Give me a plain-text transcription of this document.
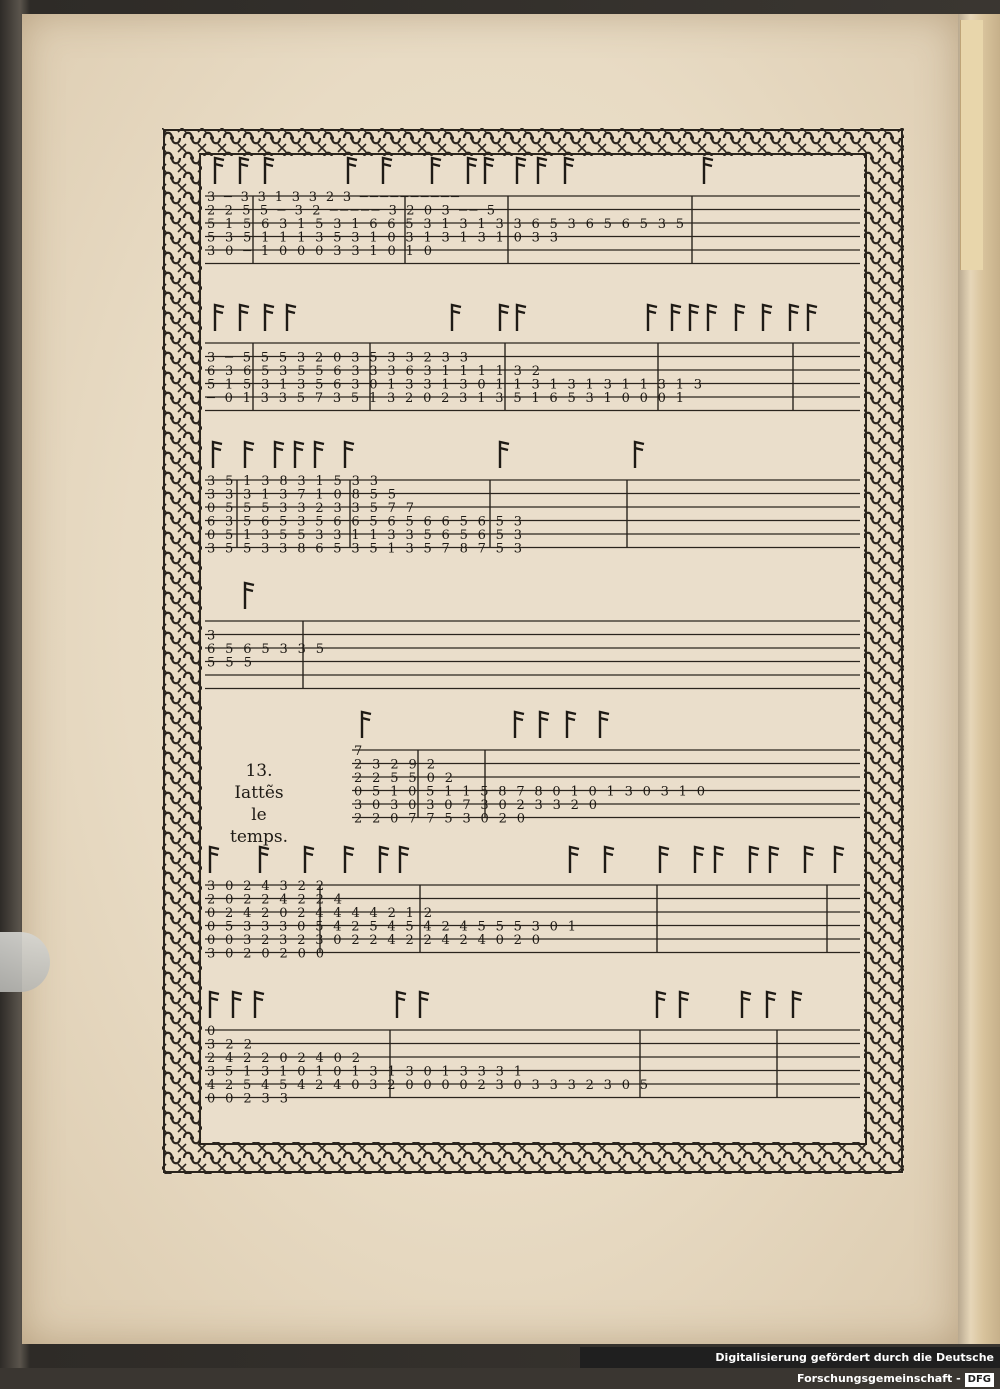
3 ─ 3 3 1 3 3 2 3 ──────────
2 2 5 5 ─ 3 2 ───── 3 2 0 3 ── 5
5 1 5 6 3 1 5 3 1 6 6 5 3 1 3 1 3 3 6 5 3 6 5 6 5 3 5
5 3 5 1 1 1 3 5 3 1 0 3 1 3 1 3 1 0 3 3
3 0 ─ 1 0 0 0 3 3 1 0 1 0
3 ─ 5 5 5 3 2 0 3 5 3 3 2 3 3
6 3 6 5 3 5 5 6 3 3 3 6 3 1 1 1 1 3 2
5 1 5 3 1 3 5 6 3 0 1 3 3 1 3 0 1 1 3 1 3 1 3 1 1 3 1 3
─ 0 1 3 3 5 7 3 5 1 3 2 0 2 3 1 3 5 1 6 5 3 1 0 0 0 1
3 5 1 3 8 3 1 5 3 3
3 3 3 1 3 7 1 0 8 5 5
0 5 5 5 3 3 2 3 3 5 7 7
6 3 5 6 5 3 5 6 6 5 6 5 6 6 5 6 5 3
0 5 1 3 5 5 3 3 1 1 3 3 5 6 5 6 5 3
3 5 5 3 3 8 6 5 3 5 1 3 5 7 8 7 5 3
3
6 5 6 5 3 3 5
5 5 5
7
2 3 2 9 2
2 2 5 5 0 2
0 5 1 0 5 1 1 5 8 7 8 0 1 0 1 3 0 3 1 0
3 0 3 0 3 0 7 3 0 2 3 3 2 0
2 2 0 7 7 5 3 0 2 0
3 0 2 4 3 2 2
2 0 2 2 4 2 2 4
0 2 4 2 0 2 4 4 4 4 2 1 2
0 5 3 3 3 0 5 4 2 5 4 5 4 2 4 5 5 5 3 0 1
0 0 3 2 3 2 3 0 2 2 4 2 2 4 2 4 0 2 0
3 0 2 0 2 0 0
0
3 2 2
2 4 2 2 0 2 4 0 2
3 5 1 3 1 0 1 0 1 3 1 3 0 1 3 3 3 1
4 2 5 4 5 4 2 4 0 3 2 0 0 0 0 2 3 0 3 3 3 2 3 0 5
0 0 2 3 3
13.
Iattẽs le
temps.
Digitalisierung gefördert durch die Deutsche Forschungsgemeinschaft - DFG
